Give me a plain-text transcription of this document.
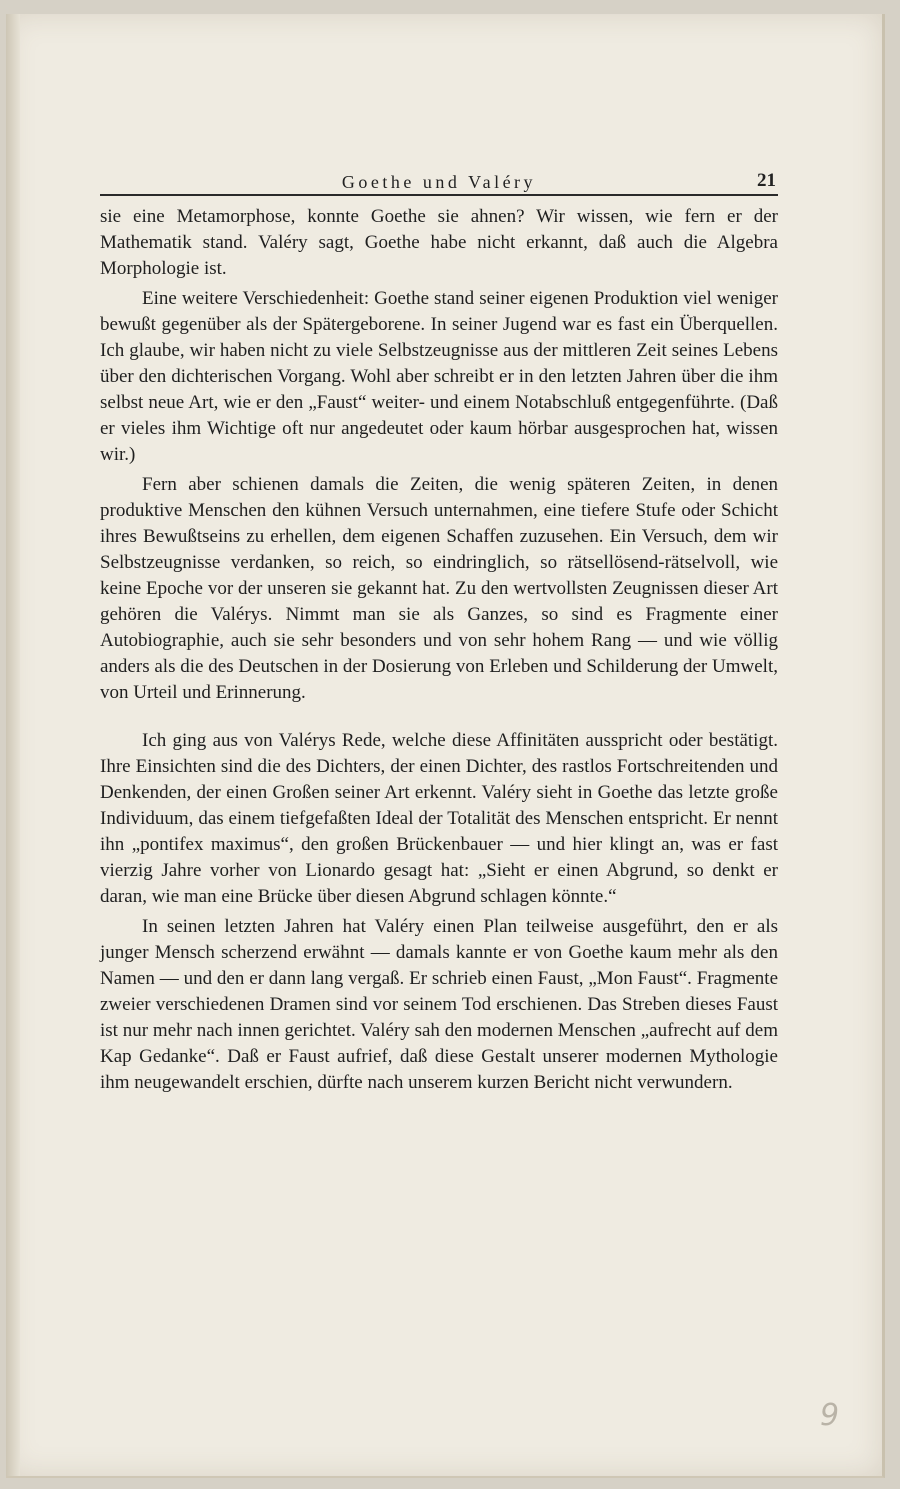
Goethe und Valéry	21

sie eine Metamorphose, konnte Goethe sie ahnen? Wir wissen, wie fern er der Mathematik stand. Valéry sagt, Goethe habe nicht erkannt, daß auch die Algebra Morphologie ist.

Eine weitere Verschiedenheit: Goethe stand seiner eigenen Produktion viel weniger bewußt gegenüber als der Spätergeborene. In seiner Jugend war es fast ein Überquellen. Ich glaube, wir haben nicht zu viele Selbstzeugnisse aus der mittleren Zeit seines Lebens über den dichterischen Vorgang. Wohl aber schreibt er in den letzten Jahren über die ihm selbst neue Art, wie er den „Faust“ weiter- und einem Notabschluß entgegenführte. (Daß er vieles ihm Wichtige oft nur angedeutet oder kaum hörbar ausgesprochen hat, wissen wir.)

Fern aber schienen damals die Zeiten, die wenig späteren Zeiten, in denen produktive Menschen den kühnen Versuch unternahmen, eine tiefere Stufe oder Schicht ihres Bewußtseins zu erhellen, dem eigenen Schaffen zuzusehen. Ein Versuch, dem wir Selbstzeugnisse verdanken, so reich, so eindringlich, so rätsellösend-rätselvoll, wie keine Epoche vor der unseren sie gekannt hat. Zu den wertvollsten Zeugnissen dieser Art gehören die Valérys. Nimmt man sie als Ganzes, so sind es Fragmente einer Autobiographie, auch sie sehr besonders und von sehr hohem Rang — und wie völlig anders als die des Deutschen in der Dosierung von Erleben und Schilderung der Umwelt, von Urteil und Erinnerung.

Ich ging aus von Valérys Rede, welche diese Affinitäten ausspricht oder bestätigt. Ihre Einsichten sind die des Dichters, der einen Dichter, des rastlos Fortschreitenden und Denkenden, der einen Großen seiner Art erkennt. Valéry sieht in Goethe das letzte große Individuum, das einem tiefgefaßten Ideal der Totalität des Menschen entspricht. Er nennt ihn „pontifex maximus“, den großen Brückenbauer — und hier klingt an, was er fast vierzig Jahre vorher von Lionardo gesagt hat: „Sieht er einen Abgrund, so denkt er daran, wie man eine Brücke über diesen Abgrund schlagen könnte.“

In seinen letzten Jahren hat Valéry einen Plan teilweise ausgeführt, den er als junger Mensch scherzend erwähnt — damals kannte er von Goethe kaum mehr als den Namen — und den er dann lang vergaß. Er schrieb einen Faust, „Mon Faust“. Fragmente zweier verschiedenen Dramen sind vor seinem Tod erschienen. Das Streben dieses Faust ist nur mehr nach innen gerichtet. Valéry sah den modernen Menschen „aufrecht auf dem Kap Gedanke“. Daß er Faust aufrief, daß diese Gestalt unserer modernen Mythologie ihm neugewandelt erschien, dürfte nach unserem kurzen Bericht nicht verwundern.

9
